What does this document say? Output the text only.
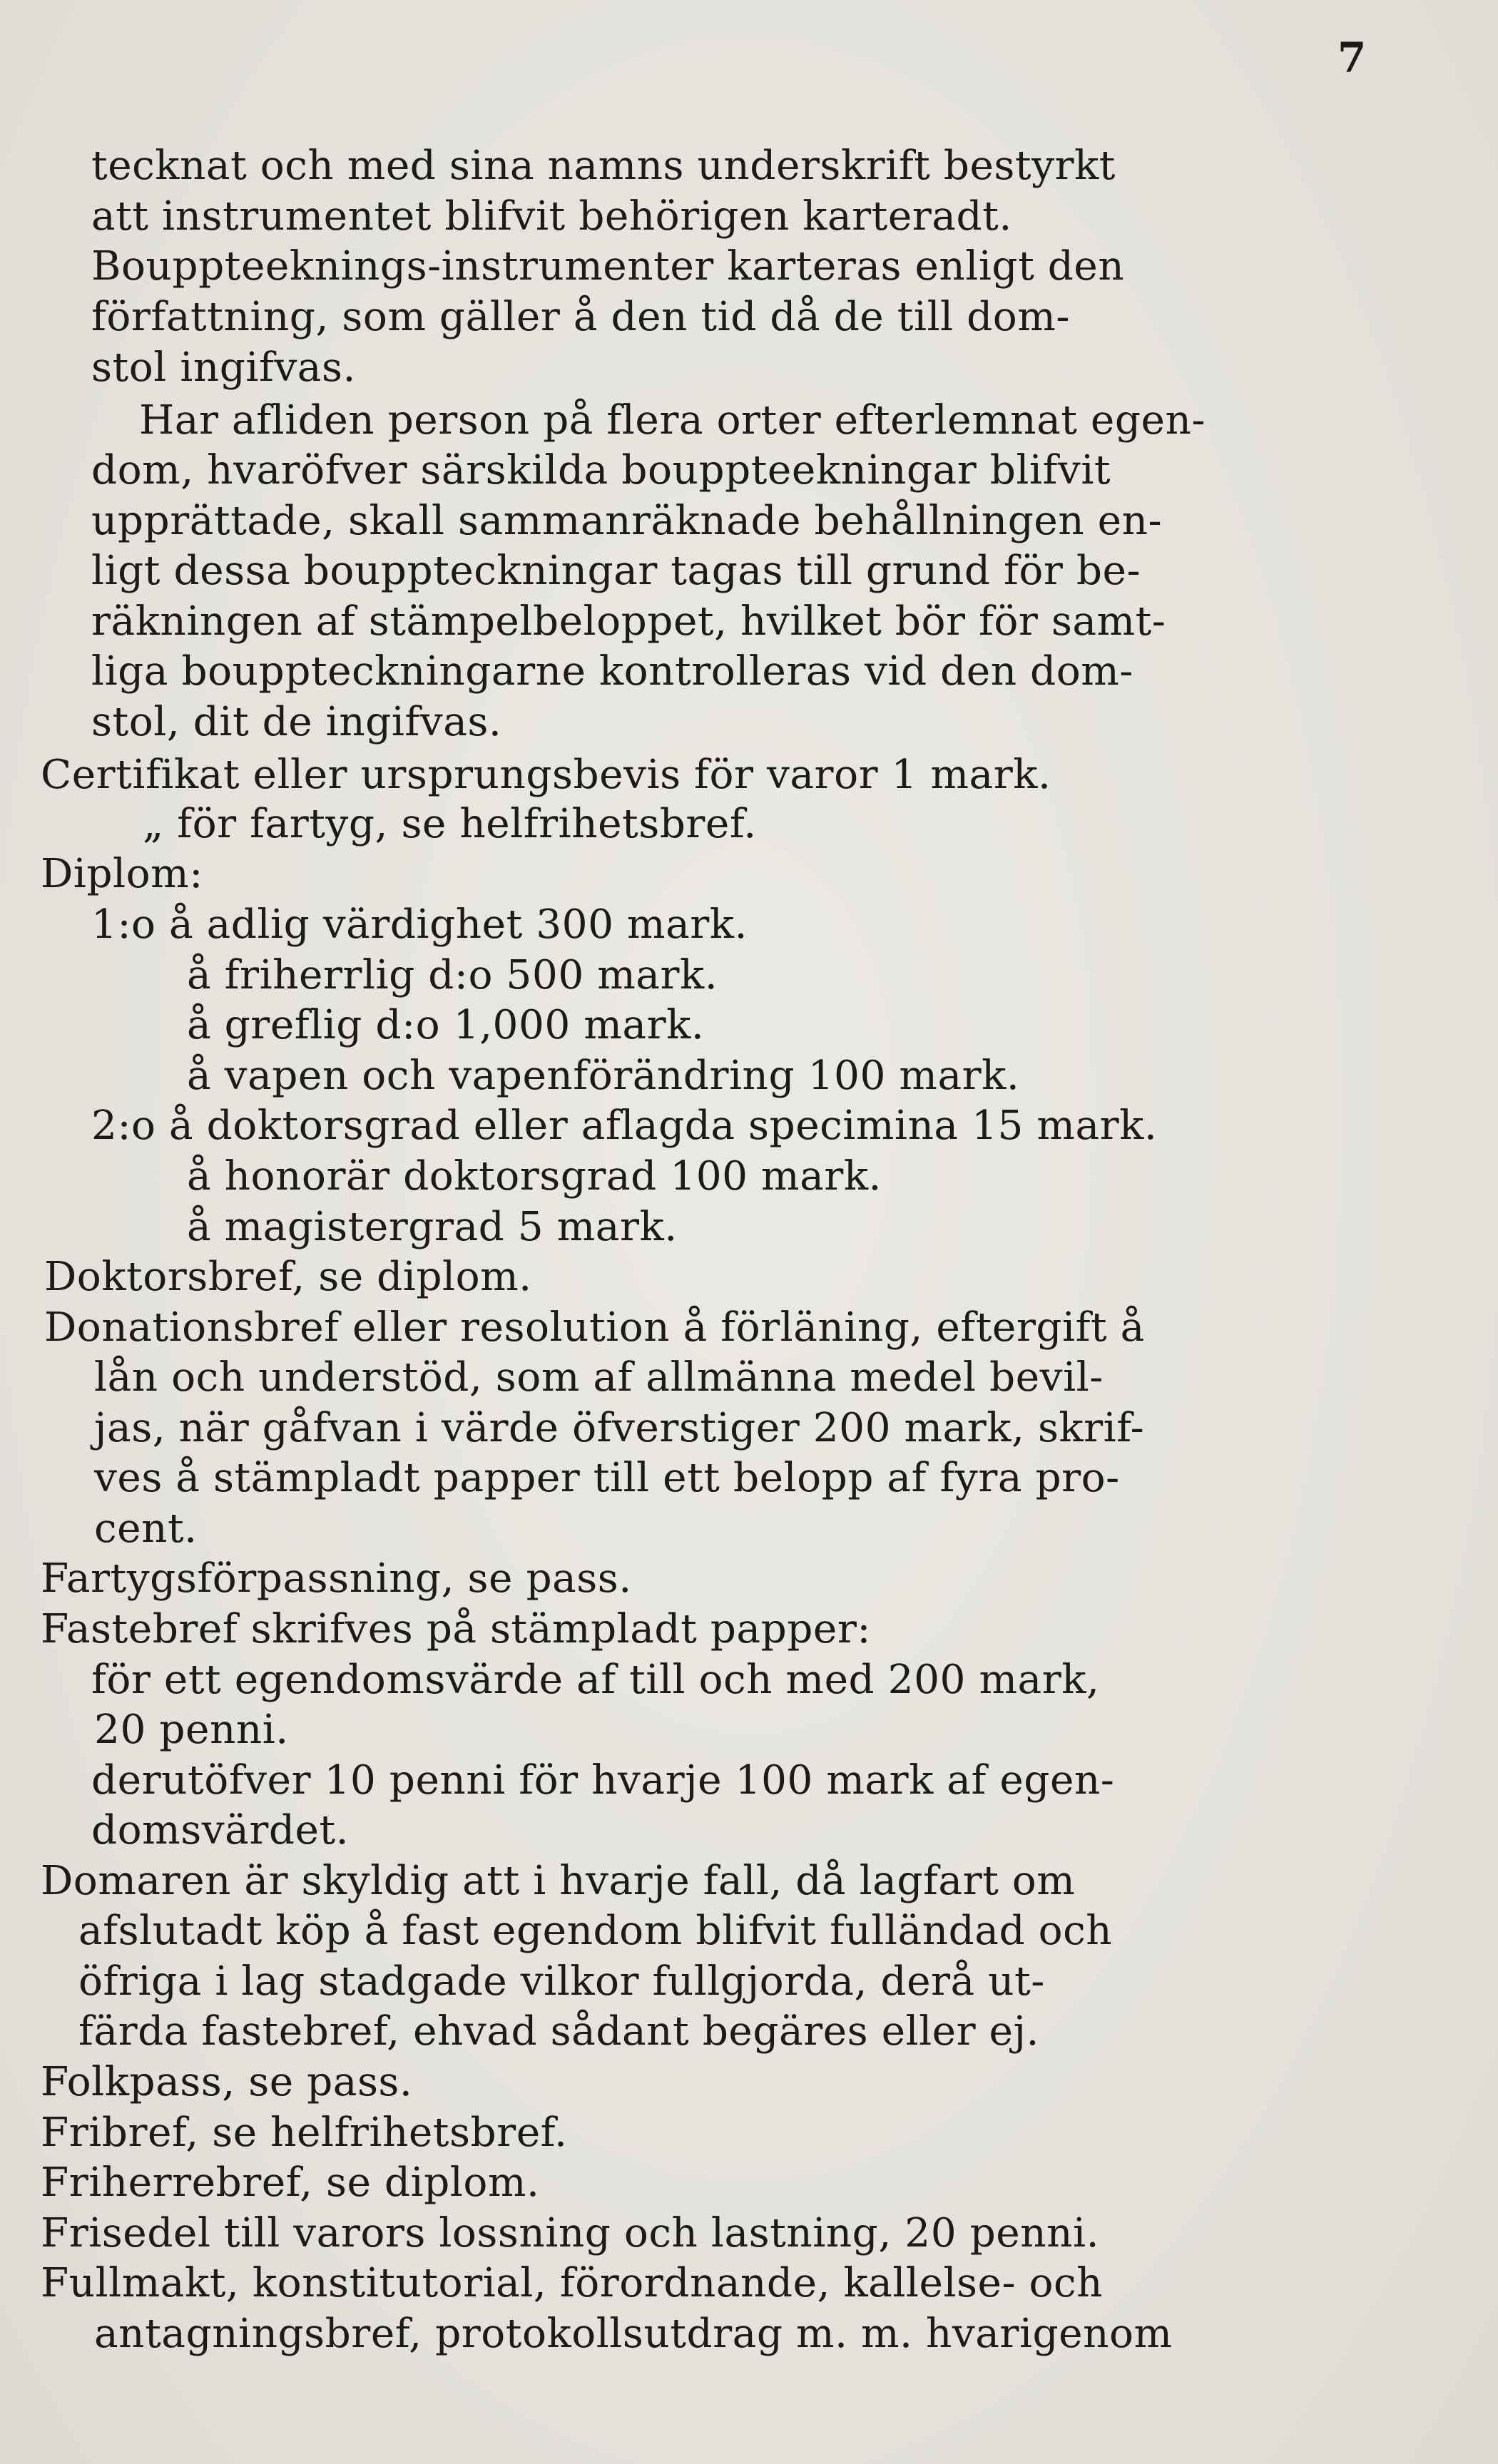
7
tecknat och med sina namns underskrift bestyrkt
att instrumentet blifvit behörigen karteradt.
Bouppteeknings-instrumenter karteras enligt den
författning, som gäller å den tid då de till dom-
stol ingifvas.
Har afliden person på flera orter efterlemnat egen-
dom, hvaröfver särskilda bouppteekningar blifvit
upprättade, skall sammanräknade behållningen en-
ligt dessa bouppteckningar tagas till grund för be-
räkningen af stämpelbeloppet, hvilket bör för samt-
liga bouppteckningarne kontrolleras vid den dom-
stol, dit de ingifvas.
Certifikat eller ursprungsbevis för varor 1 mark.
„ för fartyg, se helfrihetsbref.
Diplom:
1:o å adlig värdighet 300 mark.
å friherrlig d:o 500 mark.
å greflig d:o 1,000 mark.
å vapen och vapenförändring 100 mark.
2:o å doktorsgrad eller aflagda specimina 15 mark.
å honorär doktorsgrad 100 mark.
å magistergrad 5 mark.
Doktorsbref, se diplom.
Donationsbref eller resolution å förläning, eftergift å
lån och understöd, som af allmänna medel bevil-
jas, när gåfvan i värde öfverstiger 200 mark, skrif-
ves å stämpladt papper till ett belopp af fyra pro-
cent.
Fartygsförpassning, se pass.
Fastebref skrifves på stämpladt papper:
för ett egendomsvärde af till och med 200 mark,
20 penni.
derutöfver 10 penni för hvarje 100 mark af egen-
domsvärdet.
Domaren är skyldig att i hvarje fall, då lagfart om
afslutadt köp å fast egendom blifvit fulländad och
öfriga i lag stadgade vilkor fullgjorda, derå ut-
färda fastebref, ehvad sådant begäres eller ej.
Folkpass, se pass.
Fribref, se helfrihetsbref.
Friherrebref, se diplom.
Frisedel till varors lossning och lastning, 20 penni.
Fullmakt, konstitutorial, förordnande, kallelse- och
antagningsbref, protokollsutdrag m. m. hvarigenom
